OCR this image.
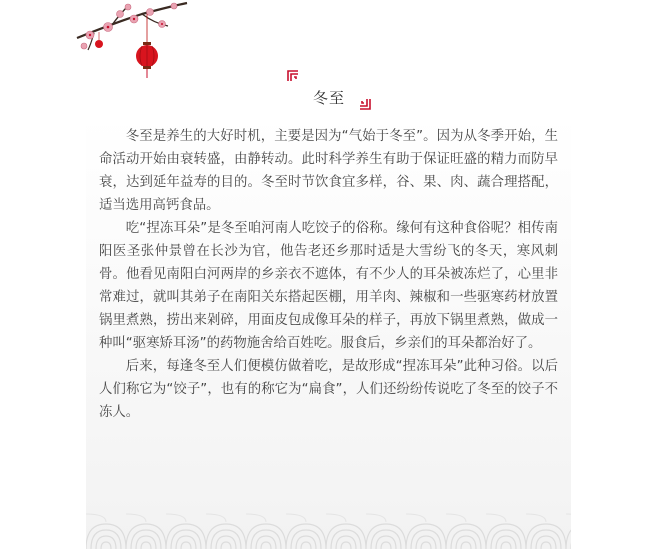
冬至

冬至是养生的大好时机，主要是因为“气始于冬至”。因为从冬季开始，生命活动开始由衰转盛，由静转动。此时科学养生有助于保证旺盛的精力而防早衰，达到延年益寿的目的。冬至时节饮食宜多样，谷、果、肉、蔬合理搭配，适当选用高钙食品。

吃“捏冻耳朵”是冬至咱河南人吃饺子的俗称。缘何有这种食俗呢？相传南阳医圣张仲景曾在长沙为官，他告老还乡那时适是大雪纷飞的冬天，寒风刺骨。他看见南阳白河两岸的乡亲衣不遮体，有不少人的耳朵被冻烂了，心里非常难过，就叫其弟子在南阳关东搭起医棚，用羊肉、辣椒和一些驱寒药材放置锅里煮熟，捞出来剁碎，用面皮包成像耳朵的样子，再放下锅里煮熟，做成一种叫“驱寒矫耳汤”的药物施舍给百姓吃。服食后，乡亲们的耳朵都治好了。

后来，每逢冬至人们便模仿做着吃，是故形成“捏冻耳朵”此种习俗。以后人们称它为“饺子”，也有的称它为“扁食”，人们还纷纷传说吃了冬至的饺子不冻人。
